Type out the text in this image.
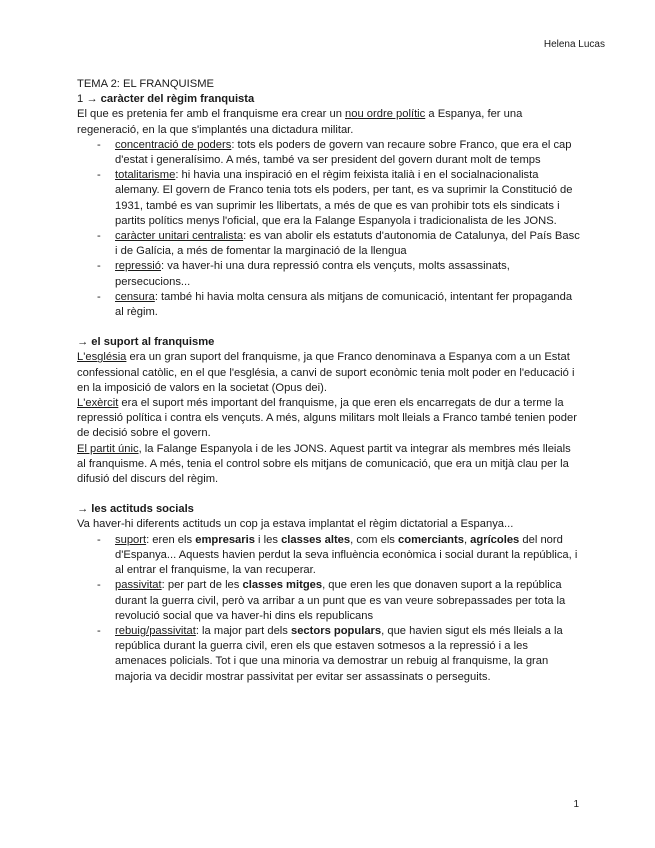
Helena Lucas

TEMA 2: EL FRANQUISME

1 → caràcter del règim franquista

El que es pretenia fer amb el franquisme era crear un nou ordre polític a Espanya, fer una regeneració, en la que s'implantés una dictadura militar.

- concentració de poders: tots els poders de govern van recaure sobre Franco, que era el cap d'estat i generalísimo. A més, també va ser president del govern durant molt de temps
- totalitarisme: hi havia una inspiració en el règim feixista italià i en el socialnacionalista alemany. El govern de Franco tenia tots els poders, per tant, es va suprimir la Constitució de 1931, també es van suprimir les llibertats, a més de que es van prohibir tots els sindicats i partits polítics menys l'oficial, que era la Falange Espanyola i tradicionalista de les JONS.
- caràcter unitari centralista: es van abolir els estatuts d'autonomia de Catalunya, del País Basc i de Galícia, a més de fomentar la marginació de la llengua
- repressió: va haver-hi una dura repressió contra els vençuts, molts assassinats, persecucions...
- censura: també hi havia molta censura als mitjans de comunicació, intentant fer propaganda al règim.

→ el suport al franquisme

L'església era un gran suport del franquisme, ja que Franco denominava a Espanya com a un Estat confessional catòlic, en el que l'església, a canvi de suport econòmic tenia molt poder en l'educació i en la imposició de valors en la societat (Opus dei).

L'exèrcit era el suport més important del franquisme, ja que eren els encarregats de dur a terme la repressió política i contra els vençuts. A més, alguns militars molt lleials a Franco també tenien poder de decisió sobre el govern.

El partit únic, la Falange Espanyola i de les JONS. Aquest partit va integrar als membres més lleials al franquisme. A més, tenia el control sobre els mitjans de comunicació, que era un mitjà clau per la difusió del discurs del règim.

→ les actituds socials

Va haver-hi diferents actituds un cop ja estava implantat el règim dictatorial a Espanya...

- suport: eren els empresaris i les classes altes, com els comerciants, agrícoles del nord d'Espanya... Aquests havien perdut la seva influència econòmica i social durant la república, i al entrar el franquisme, la van recuperar.
- passivitat: per part de les classes mitges, que eren les que donaven suport a la república durant la guerra civil, però va arribar a un punt que es van veure sobrepassades per tota la revolució social que va haver-hi dins els republicans
- rebuig/passivitat: la major part dels sectors populars, que havien sigut els més lleials a la república durant la guerra civil, eren els que estaven sotmesos a la repressió i a les amenaces policials. Tot i que una minoria va demostrar un rebuig al franquisme, la gran majoria va decidir mostrar passivitat per evitar ser assassinats o perseguits.
1
